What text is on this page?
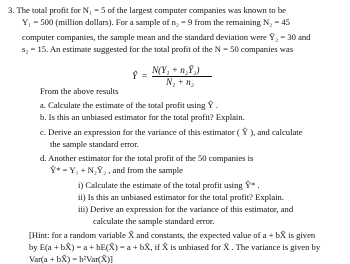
3. The total profit for N₁ = 5 of the largest computer companies was known to be
Y₁ = 500 (million dollars). For a sample of n₂ = 9 from the remaining N₂ = 45
computer companies, the sample mean and the standard deviation were Ȳ₂ = 30 and
s₂ = 15. An estimate suggested for the total profit of the N = 50 companies was
Ŷ =
N(Y₁ + n₂Ȳ₂)
N₁ + n₂
From the above results
a. Calculate the estimate of the total profit using Ŷ .
b. Is this an unbiased estimator for the total profit? Explain.
c. Derive an expression for the variance of this estimator ( Ŷ ), and calculate
the sample standard error.
d. Another estimator for the total profit of the 50 companies is
Ŷ* = Y₁ + N₂Ȳ₂ , and from the sample
i) Calculate the estimate of the total profit using Ŷ* .
ii) Is this an unbiased estimator for the total profit? Explain.
iii) Derive an expression for the variance of this estimator, and
calculate the sample standard error.
[Hint: for a random variable X̂ and constants, the expected value of a + bX̂ is given
by E(a + bX̂) = a + bE(X̂) = a + bX̄, if X̂ is unbiased for X̄ . The variance is given by
Var(a + bX̂) = b²Var(X̂)]
